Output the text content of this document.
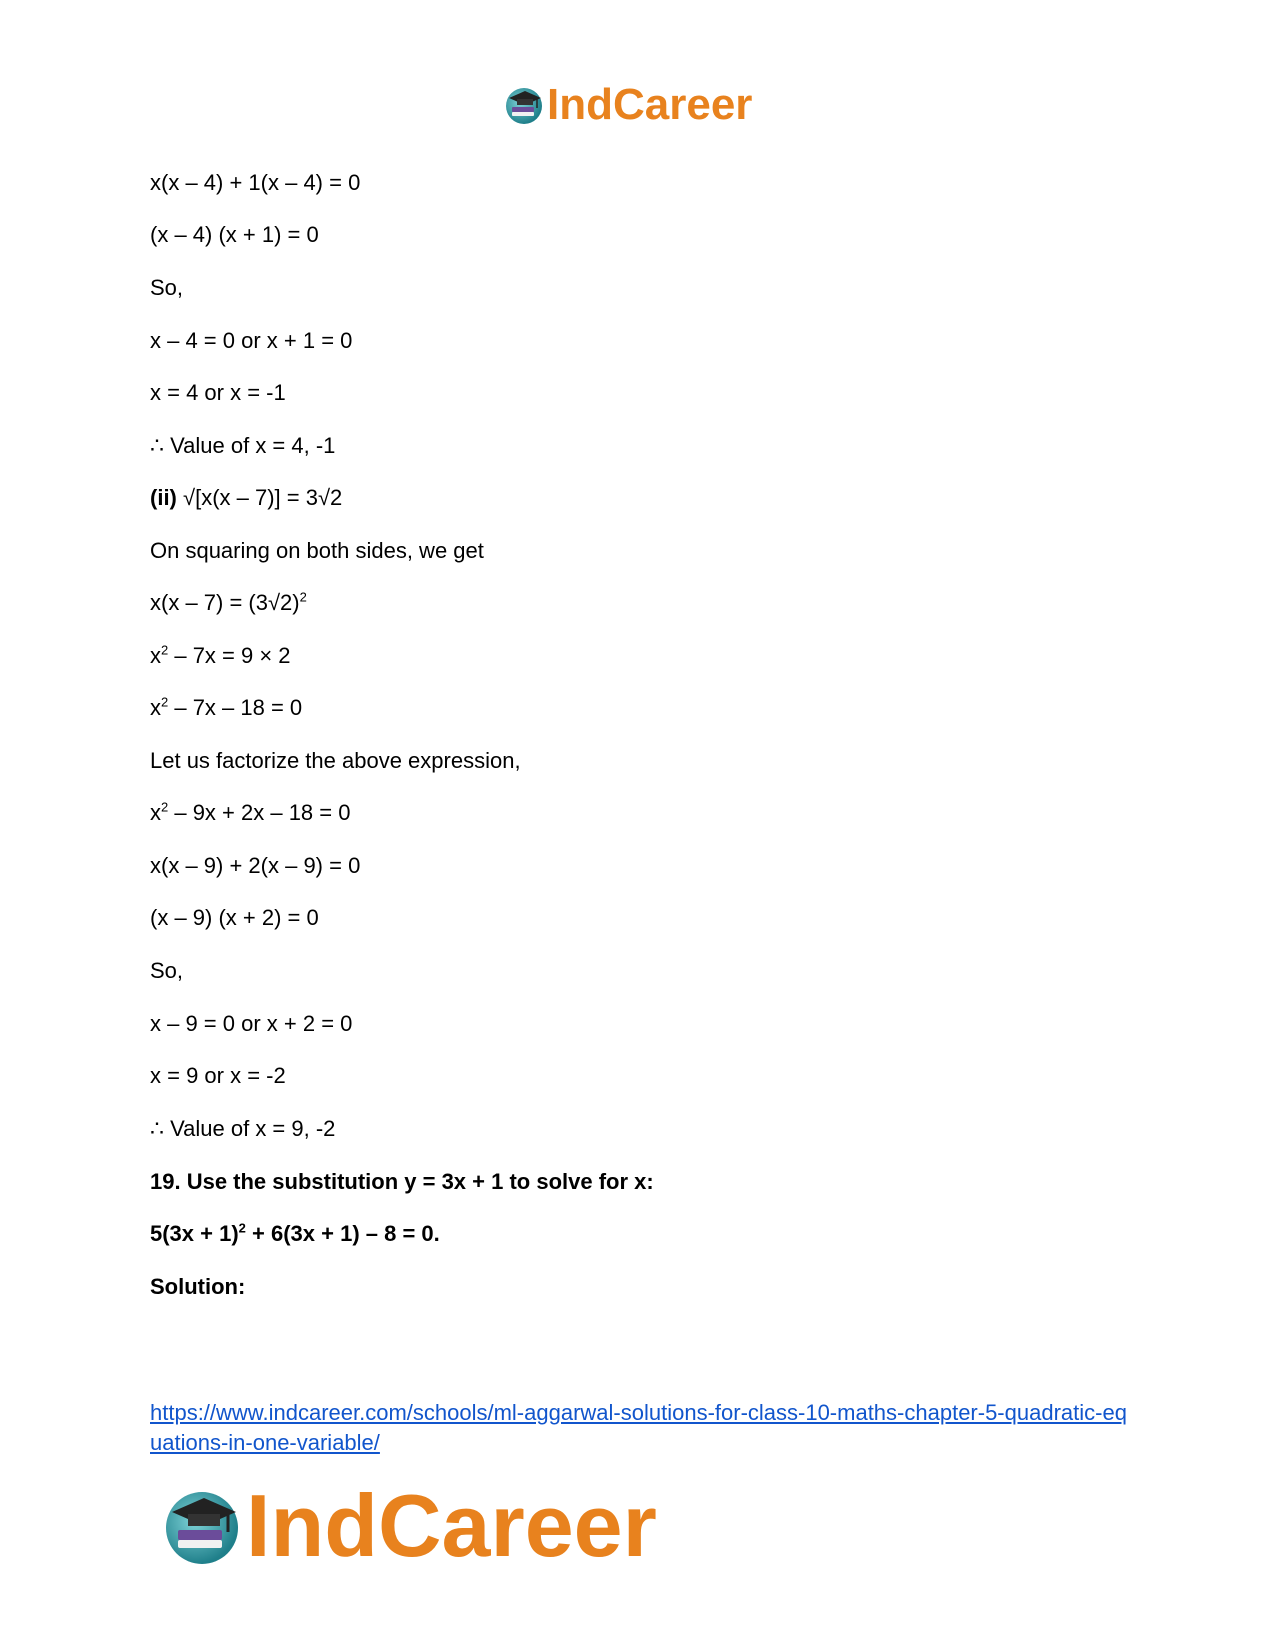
IndCareer
x(x – 4) + 1(x – 4) = 0
(x – 4) (x + 1) = 0
So,
x – 4 = 0 or x + 1 = 0
x = 4 or x = -1
∴ Value of x = 4, -1
(ii) √[x(x – 7)] = 3√2
On squaring on both sides, we get
$x(x - 7) = (3√2)^2$
$x^2 - 7x = 9 \times 2$
$x^2 - 7x - 18 = 0$
Let us factorize the above expression,
$x^2 - 9x + 2x - 18 = 0$
x(x – 9) + 2(x – 9) = 0
(x – 9) (x + 2) = 0
So,
x – 9 = 0 or x + 2 = 0
x = 9 or x = -2
∴ Value of x = 9, -2
19. Use the substitution y = 3x + 1 to solve for x:
$5(3x + 1)^2 + 6(3x + 1) - 8 = 0$.
Solution:
https://www.indcareer.com/schools/ml-aggarwal-solutions-for-class-10-maths-chapter-5-quadratic-equations-in-one-variable/
IndCareer
